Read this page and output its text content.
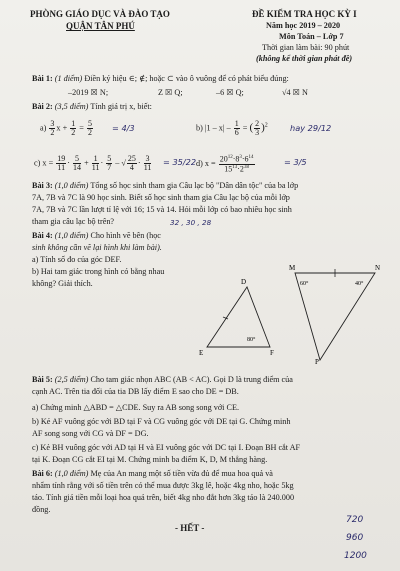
PHÒNG GIÁO DỤC VÀ ĐÀO TẠO
QUẬN TÂN PHÚ
ĐỀ KIỂM TRA HỌC KỲ I
Năm học 2019 – 2020
Môn Toán – Lớp 7
Thời gian làm bài: 90 phút
(không kể thời gian phát đề)
Bài 1: (1 điểm) Điền ký hiệu ∈; ∉; hoặc ⊂ vào ô vuông để có phát biểu đúng:
–2019 ☒ N;	Z ☒ Q;	–6 ☒ Q;	√4 ☒ N
Bài 2: (3,5 điểm) Tính giá trị x, biết:
$a) \frac{3}{2}$ $x + \frac{1}{2} = \frac{5}{2} = 4/3$	b) $|1 - x| - \frac{1}{6}$ = ( $\frac{2}{3} )^2$	hay 29/12
c) $x = \frac{19}{11} \cdot \frac{5}{14} + \frac{1}{11} \cdot \frac{5}{7}$ – √ $\frac{25}{4} \cdot \frac{3}{11} = 35/22$ d) $x = \frac{20^{12}\cdot 8^3\cdot 6^{14}}{15^{13}\cdot 2^{38}}$	= 3/5
Bài 3: (1,0 điểm) Tổng số học sinh tham gia Câu lạc bộ "Dân dân tộc" của ba lớp
7A, 7B và 7C là 90 học sinh. Biết số học sinh tham gia Câu lạc bộ của mỗi lớp
7A, 7B và 7C lần lượt tỉ lệ với 16; 15 và 14. Hỏi mỗi lớp có bao nhiêu học sinh
tham gia câu lạc bộ trên?	32 , 30 , 28
Bài 4: (1,0 điểm) Cho hình vẽ bên (học
sinh không cần vẽ lại hình khi làm bài).
a) Tính số đo của góc DEF.
b) Hai tam giác trong hình có bằng nhau
không? Giải thích.	D
E	F
M	N
P
80°
60°	40°
Bài 5: (2,5 điểm) Cho tam giác nhọn ABC (AB < AC). Gọi D là trung điểm của
cạnh AC. Trên tia đối của tia DB lấy điểm E sao cho DE = DB.
a) Chứng minh △ABD = △CDE. Suy ra AB song song với CE.
b) Kẻ AF vuông góc với BD tại F và CG vuông góc với DE tại G. Chứng minh
AF song song với CG và DF = DG.
c) Kẻ BH vuông góc với AD tại H và EI vuông góc với DC tại I. Đoạn BH cắt AF
tại K. Đoạn CG cắt EI tại M. Chứng minh ba điểm K, D, M thẳng hàng.
Bài 6: (1,0 điểm) Mẹ của An mang một số tiền vừa đủ để mua hoa quả và
nhẩm tính rằng với số tiền trên có thể mua được 3kg lê, hoặc 4kg nho, hoặc 5kg
táo. Tính giá tiền mỗi loại hoa quả trên, biết 4kg nho đắt hơn 3kg táo là 240.000
đồng.
- HẾT -
720
960
1200
